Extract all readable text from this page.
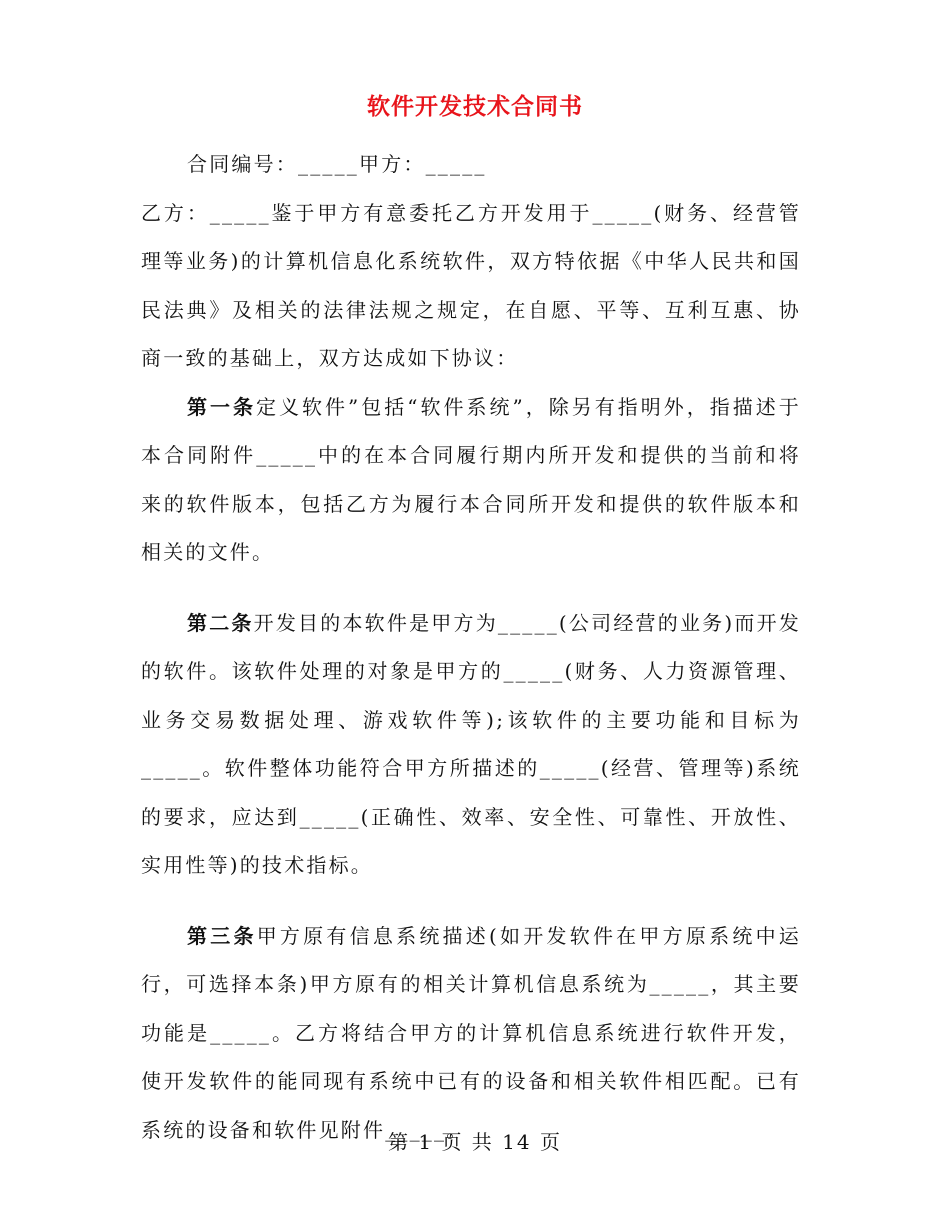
软件开发技术合同书

合同编号：_____甲方：_____

乙方：_____鉴于甲方有意委托乙方开发用于_____(财务、经营管理等业务)的计算机信息化系统软件，双方特依据《中华人民共和国民法典》及相关的法律法规之规定，在自愿、平等、互利互惠、协商一致的基础上，双方达成如下协议：

第一条定义软件”包括“软件系统”，除另有指明外，指描述于本合同附件_____中的在本合同履行期内所开发和提供的当前和将来的软件版本，包括乙方为履行本合同所开发和提供的软件版本和相关的文件。

第二条开发目的本软件是甲方为_____(公司经营的业务)而开发的软件。该软件处理的对象是甲方的_____(财务、人力资源管理、业务交易数据处理、游戏软件等);该软件的主要功能和目标为_____。软件整体功能符合甲方所描述的_____(经营、管理等)系统的要求，应达到_____(正确性、效率、安全性、可靠性、开放性、实用性等)的技术指标。

第三条甲方原有信息系统描述(如开发软件在甲方原系统中运行，可选择本条)甲方原有的相关计算机信息系统为_____，其主要功能是_____。乙方将结合甲方的计算机信息系统进行软件开发，使开发软件的能同现有系统中已有的设备和相关软件相匹配。已有系统的设备和软件见附件_____。

第 1 页 共 14 页
